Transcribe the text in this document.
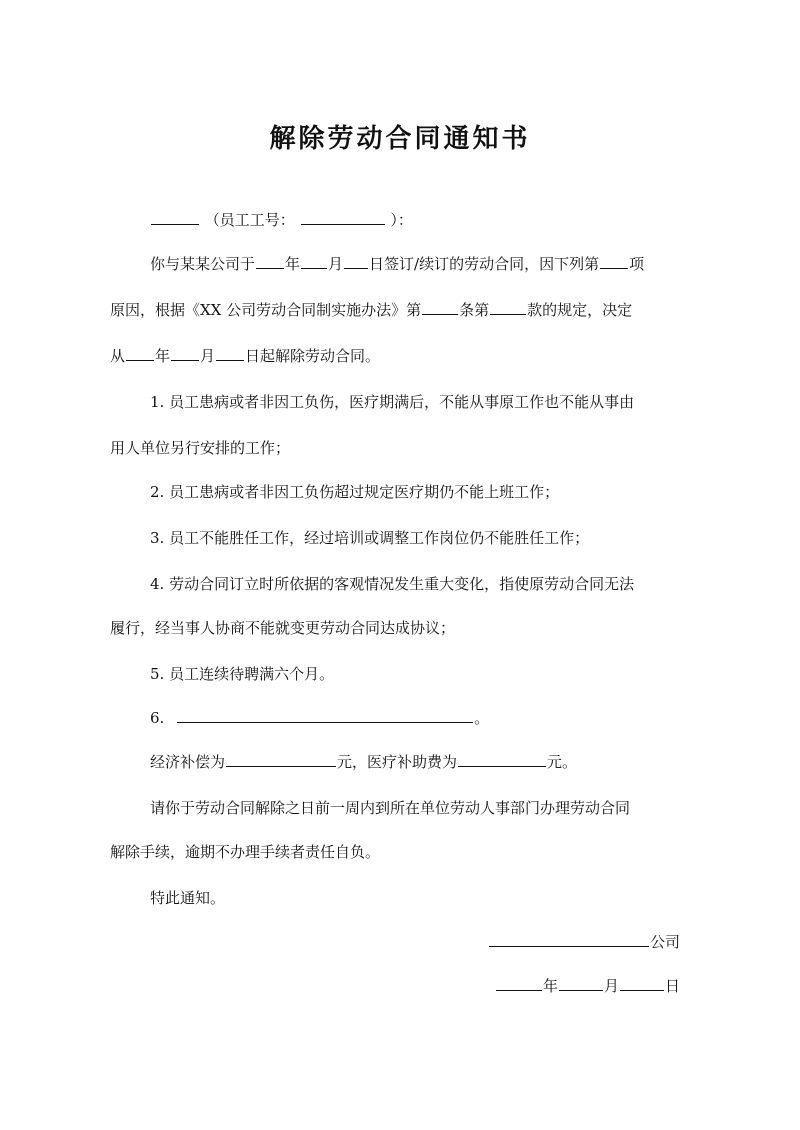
解除劳动合同通知书
（员工工号：	）：
你与某某公司于 年 月 日签订/续订的劳动合同，因下列第 项
原因，根据《XX 公司劳动合同制实施办法》第	条第	款的规定，决定
从 年 月 日起解除劳动合同。
1. 员工患病或者非因工负伤，医疗期满后，不能从事原工作也不能从事由
用人单位另行安排的工作；
2. 员工患病或者非因工负伤超过规定医疗期仍不能上班工作；
3. 员工不能胜任工作，经过培训或调整工作岗位仍不能胜任工作；
4. 劳动合同订立时所依据的客观情况发生重大变化，指使原劳动合同无法
履行，经当事人协商不能就变更劳动合同达成协议；
5. 员工连续待聘满六个月。
6.	。
经济补偿为	元，医疗补助费为	元。
请你于劳动合同解除之日前一周内到所在单位劳动人事部门办理劳动合同
解除手续，逾期不办理手续者责任自负。
特此通知。
公司
年	月	日
